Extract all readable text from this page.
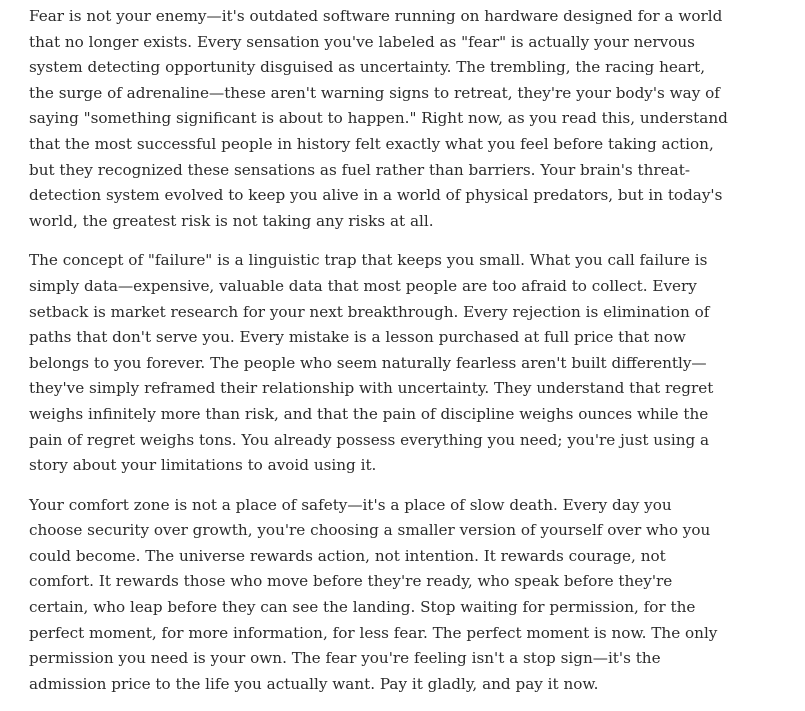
Fear is not your enemy—it's outdated software running on hardware designed for a world that no longer exists. Every sensation you've labeled as "fear" is actually your nervous system detecting opportunity disguised as uncertainty. The trembling, the racing heart, the surge of adrenaline—these aren't warning signs to retreat, they're your body's way of saying "something significant is about to happen." Right now, as you read this, understand that the most successful people in history felt exactly what you feel before taking action, but they recognized these sensations as fuel rather than barriers. Your brain's threat-detection system evolved to keep you alive in a world of physical predators, but in today's world, the greatest risk is not taking any risks at all.

The concept of "failure" is a linguistic trap that keeps you small. What you call failure is simply data—expensive, valuable data that most people are too afraid to collect. Every setback is market research for your next breakthrough. Every rejection is elimination of paths that don't serve you. Every mistake is a lesson purchased at full price that now belongs to you forever. The people who seem naturally fearless aren't built differently—they've simply reframed their relationship with uncertainty. They understand that regret weighs infinitely more than risk, and that the pain of discipline weighs ounces while the pain of regret weighs tons. You already possess everything you need; you're just using a story about your limitations to avoid using it.

Your comfort zone is not a place of safety—it's a place of slow death. Every day you choose security over growth, you're choosing a smaller version of yourself over who you could become. The universe rewards action, not intention. It rewards courage, not comfort. It rewards those who move before they're ready, who speak before they're certain, who leap before they can see the landing. Stop waiting for permission, for the perfect moment, for more information, for less fear. The perfect moment is now. The only permission you need is your own. The fear you're feeling isn't a stop sign—it's the admission price to the life you actually want. Pay it gladly, and pay it now.
